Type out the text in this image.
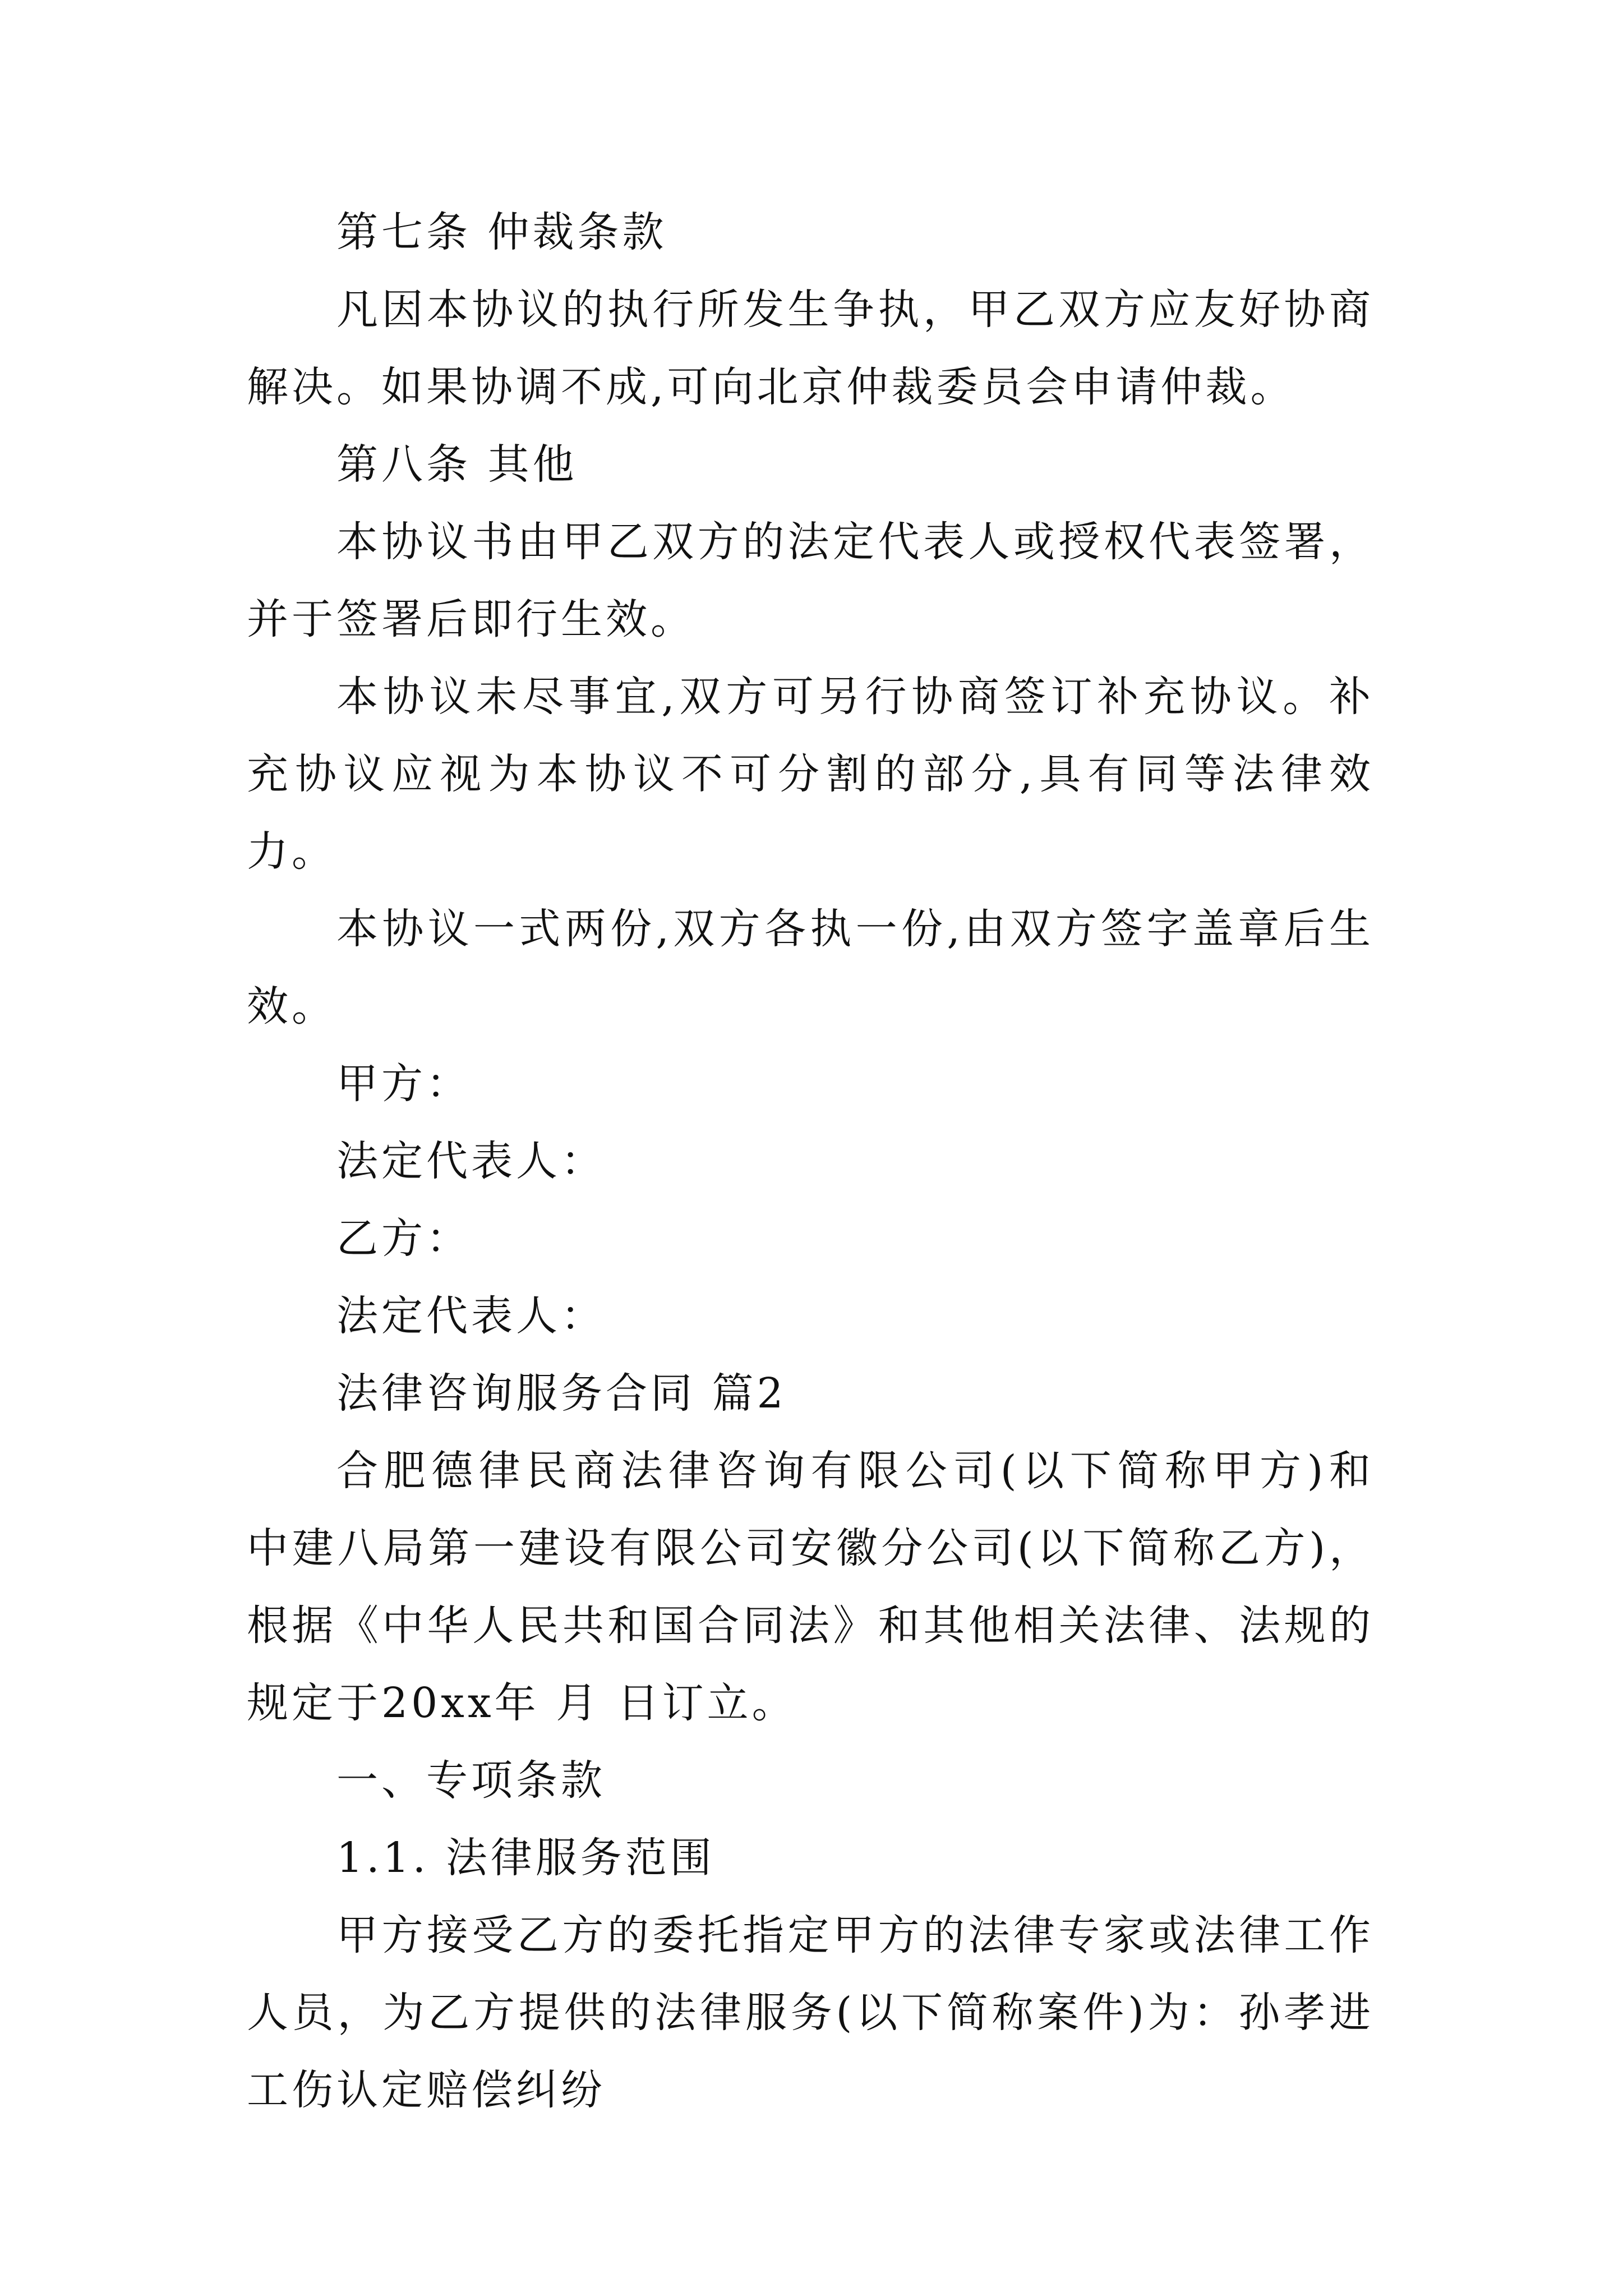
第七条 仲裁条款

凡因本协议的执行所发生争执，甲乙双方应友好协商解决。如果协调不成,可向北京仲裁委员会申请仲裁。

第八条 其他

本协议书由甲乙双方的法定代表人或授权代表签署，并于签署后即行生效。

本协议未尽事宜,双方可另行协商签订补充协议。补充协议应视为本协议不可分割的部分,具有同等法律效力。

本协议一式两份,双方各执一份,由双方签字盖章后生效。

甲方：

法定代表人：

乙方：

法定代表人：

法律咨询服务合同 篇2

合肥德律民商法律咨询有限公司(以下简称甲方)和 中建八局第一建设有限公司安徽分公司(以下简称乙方)，根据《中华人民共和国合同法》和其他相关法律、法规的规定于20xx年 月 日订立。

一、专项条款

1.1. 法律服务范围

甲方接受乙方的委托指定甲方的法律专家或法律工作人员，为乙方提供的法律服务(以下简称案件)为：孙孝进工伤认定赔偿纠纷
